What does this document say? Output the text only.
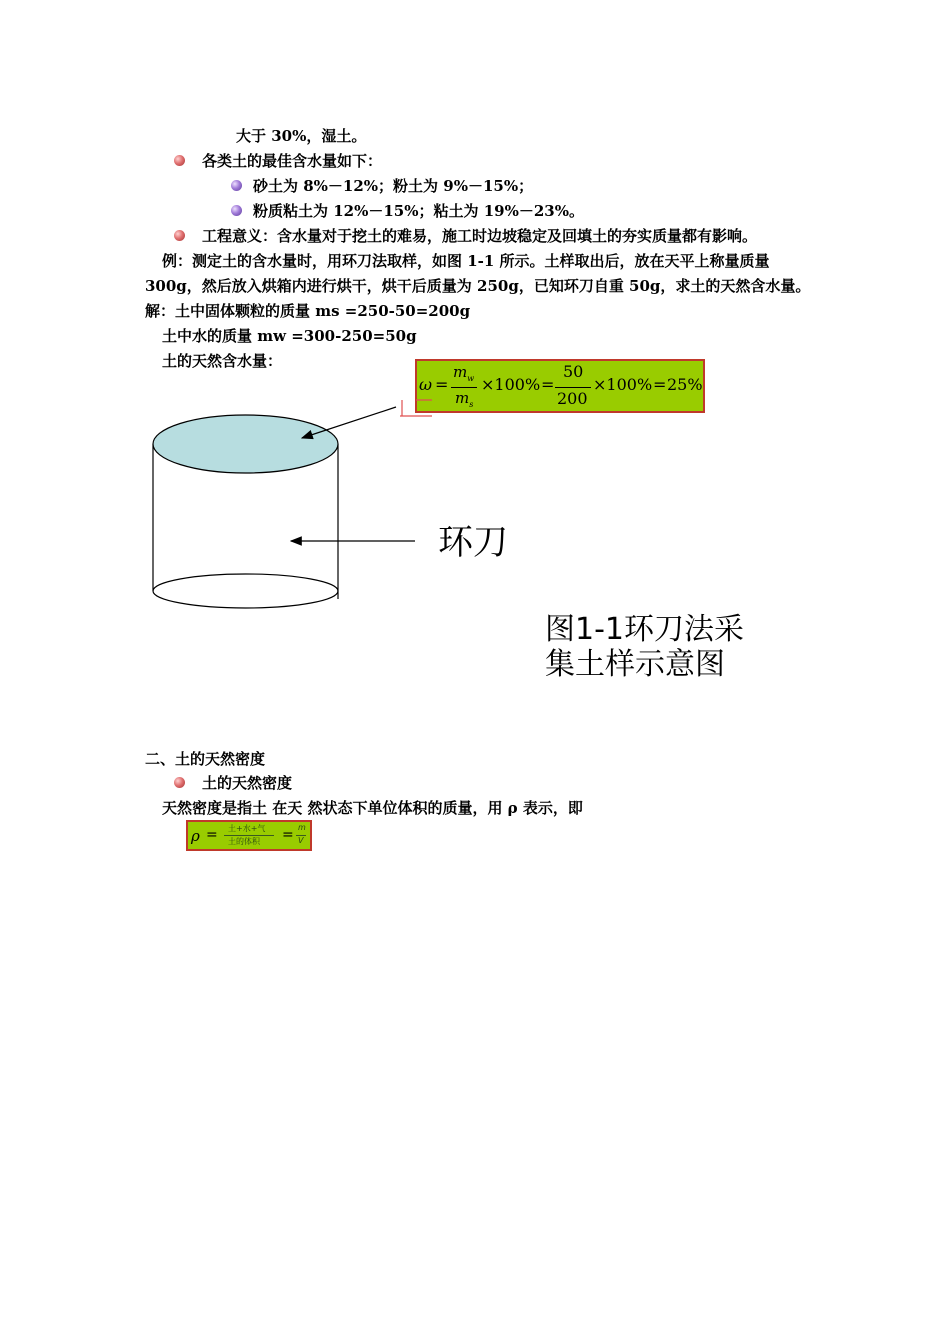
大于 30%，湿土。
各类土的最佳含水量如下：
砂土为 8%－12%；粉土为 9%－15%；
粉质粘土为 12%－15%；粘土为 19%－23%。
工程意义：含水量对于挖土的难易，施工时边坡稳定及回填土的夯实质量都有影响。
例：测定土的含水量时，用环刀法取样，如图 1-1 所示。土样取出后，放在天平上称量质量
300g，然后放入烘箱内进行烘干，烘干后质量为 250g，已知环刀自重 50g，求土的天然含水量。
解：土中固体颗粒的质量 ms =250-50=200g
土中水的质量 mw =300-250=50g
土的天然含水量：
ω =
$m_w$
$m_s$
×100% =
50
200
×100% = 25%
环刀
图1-1环刀法采
集土样示意图
二、土的天然密度
土的天然密度
天然密度是指土 在天 然状态下单位体积的质量，用 ρ 表示，即
ρ = 土+水+气
土的体积 = m
V
